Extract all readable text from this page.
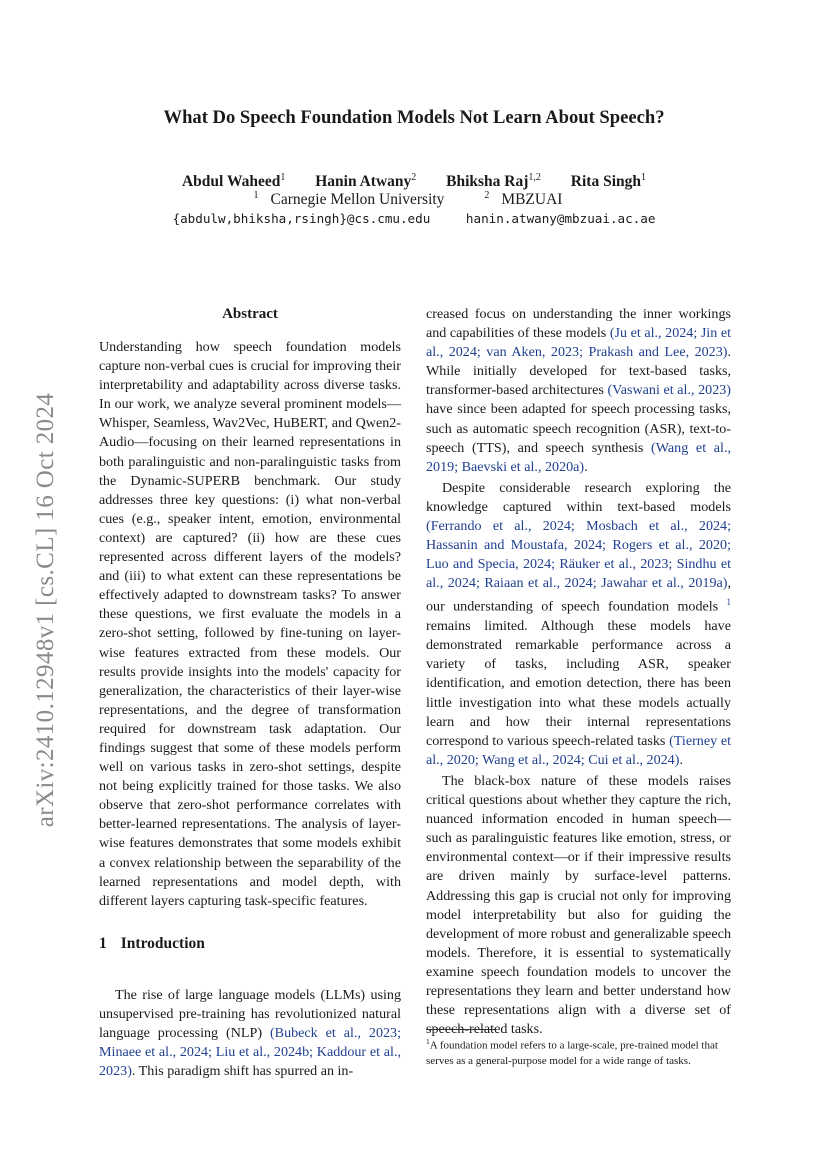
arXiv:2410.12948v1 [cs.CL] 16 Oct 2024
What Do Speech Foundation Models Not Learn About Speech?
Abdul Waheed$^1$ Hanin Atwany$^2$ Bhiksha Raj$^{1,2}$ Rita Singh$^1$
$^1$ Carnegie Mellon University	$^2$ MBZUAI
{abdulw,bhiksha,rsingh}@cs.cmu.edu	hanin.atwany@mbzuai.ac.ae
Abstract

Understanding how speech foundation models capture non-verbal cues is crucial for improving their interpretability and adaptability across diverse tasks. In our work, we analyze several prominent models—Whisper, Seamless, Wav2Vec, HuBERT, and Qwen2-Audio—focusing on their learned representations in both paralinguistic and non-paralinguistic tasks from the Dynamic-SUPERB benchmark. Our study addresses three key questions: (i) what non-verbal cues (e.g., speaker intent, emotion, environmental context) are captured? (ii) how are these cues represented across different layers of the models? and (iii) to what extent can these representations be effectively adapted to downstream tasks? To answer these questions, we first evaluate the models in a zero-shot setting, followed by fine-tuning on layer-wise features extracted from these models. Our results provide insights into the models' capacity for generalization, the characteristics of their layer-wise representations, and the degree of transformation required for downstream task adaptation. Our findings suggest that some of these models perform well on various tasks in zero-shot settings, despite not being explicitly trained for those tasks. We also observe that zero-shot performance correlates with better-learned representations. The analysis of layer-wise features demonstrates that some models exhibit a convex relationship between the separability of the learned representations and model depth, with different layers capturing task-specific features.

1 Introduction

The rise of large language models (LLMs) using unsupervised pre-training has revolutionized natural language processing (NLP) (Bubeck et al., 2023; Minaee et al., 2024; Liu et al., 2024b; Kaddour et al., 2023). This paradigm shift has spurred an in-

creased focus on understanding the inner workings and capabilities of these models (Ju et al., 2024; Jin et al., 2024; van Aken, 2023; Prakash and Lee, 2023). While initially developed for text-based tasks, transformer-based architectures (Vaswani et al., 2023) have since been adapted for speech processing tasks, such as automatic speech recognition (ASR), text-to-speech (TTS), and speech synthesis (Wang et al., 2019; Baevski et al., 2020a).

Despite considerable research exploring the knowledge captured within text-based models (Ferrando et al., 2024; Mosbach et al., 2024; Hassanin and Moustafa, 2024; Rogers et al., 2020; Luo and Specia, 2024; Räuker et al., 2023; Sindhu et al., 2024; Raiaan et al., 2024; Jawahar et al., 2019a), our understanding of speech foundation models $^1$ remains limited. Although these models have demonstrated remarkable performance across a variety of tasks, including ASR, speaker identification, and emotion detection, there has been little investigation into what these models actually learn and how their internal representations correspond to various speech-related tasks (Tierney et al., 2020; Wang et al., 2024; Cui et al., 2024).

The black-box nature of these models raises critical questions about whether they capture the rich, nuanced information encoded in human speech—such as paralinguistic features like emotion, stress, or environmental context—or if their impressive results are driven mainly by surface-level patterns. Addressing this gap is crucial not only for improving model interpretability but also for guiding the development of more robust and generalizable speech models. Therefore, it is essential to systematically examine speech foundation models to uncover the representations they learn and better understand how these representations align with a diverse set of speech-related tasks.

$^1$A foundation model refers to a large-scale, pre-trained model that serves as a general-purpose model for a wide range of tasks.
